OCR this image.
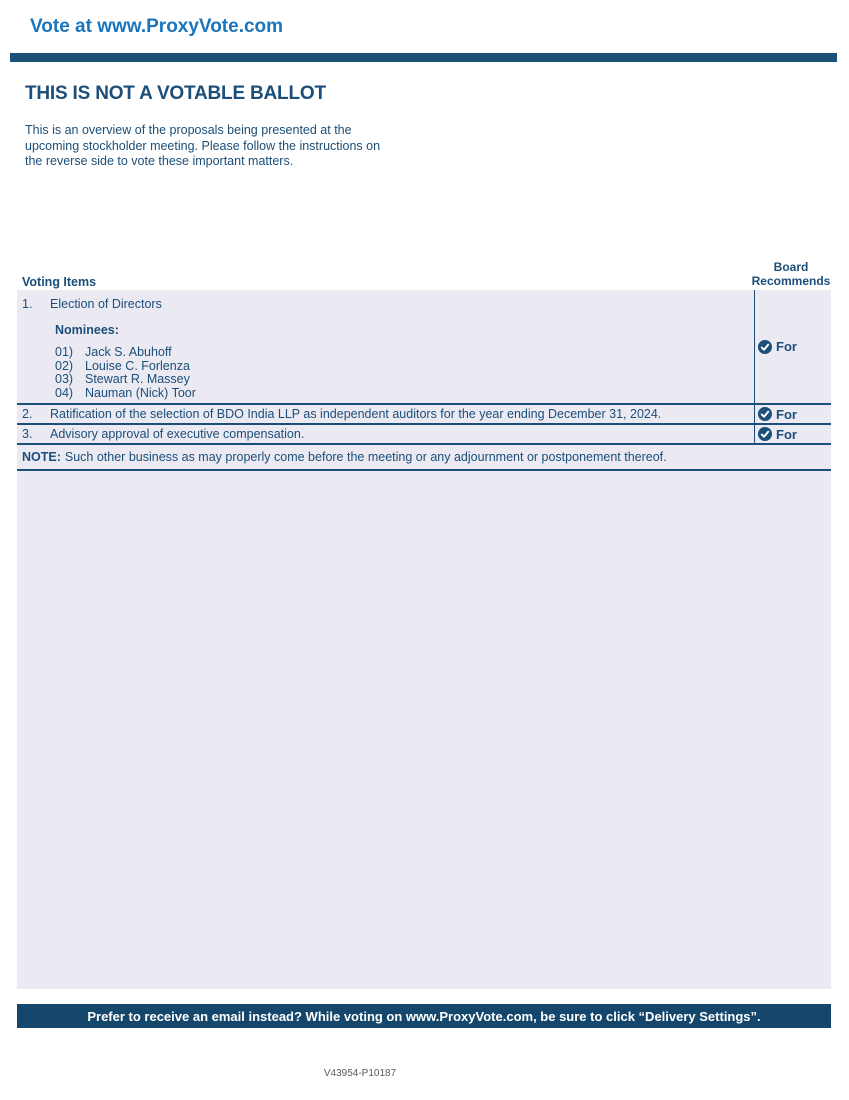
Vote at www.ProxyVote.com
THIS IS NOT A VOTABLE BALLOT
This is an overview of the proposals being presented at the
upcoming stockholder meeting. Please follow the instructions on
the reverse side to vote these important matters.
Voting Items
Board
Recommends
1.	Election of Directors
Nominees:
01) Jack S. Abuhoff
02) Louise C. Forlenza
03) Stewart R. Massey
04) Nauman (Nick) Toor
For
2.	Ratification of the selection of BDO India LLP as independent auditors for the year ending December 31, 2024.	For
3.	Advisory approval of executive compensation.	For
NOTE: Such other business as may properly come before the meeting or any adjournment or postponement thereof.
Prefer to receive an email instead? While voting on www.ProxyVote.com, be sure to click “Delivery Settings”.
V43954-P10187
